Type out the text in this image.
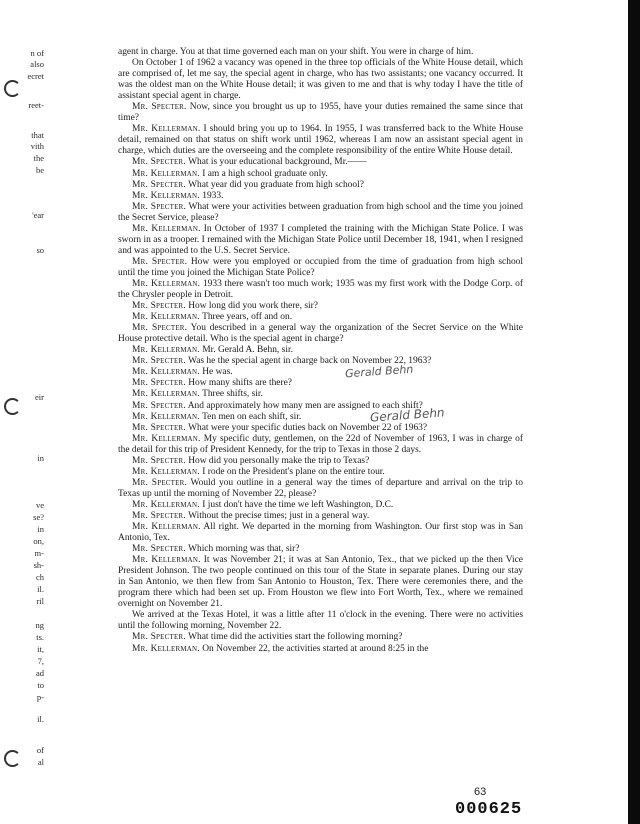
n of
also
ecret
reet-
that
vith
the
be
'ear
so
eir
in
ve
se?
in
on,
m-
sh-
ch
il.
ril
ng
ts.
it,
7,
ad
to
p-
il.
of
al

agent in charge. You at that time governed each man on your shift. You were in charge of him.

On October 1 of 1962 a vacancy was opened in the three top officials of the White House detail, which are comprised of, let me say, the special agent in charge, who has two assistants; one vacancy occurred. It was the oldest man on the White House detail; it was given to me and that is why today I have the title of assistant special agent in charge.

Mr. Specter. Now, since you brought us up to 1955, have your duties remained the same since that time?

Mr. Kellerman. I should bring you up to 1964. In 1955, I was transferred back to the White House detail, remained on that status on shift work until 1962, whereas I am now an assistant special agent in charge, which duties are the overseeing and the complete responsibility of the entire White House detail.

Mr. Specter. What is your educational background, Mr.——

Mr. Kellerman. I am a high school graduate only.

Mr. Specter. What year did you graduate from high school?

Mr. Kellerman. 1933.

Mr. Specter. What were your activities between graduation from high school and the time you joined the Secret Service, please?

Mr. Kellerman. In October of 1937 I completed the training with the Michigan State Police. I was sworn in as a trooper. I remained with the Michigan State Police until December 18, 1941, when I resigned and was appointed to the U.S. Secret Service.

Mr. Specter. How were you employed or occupied from the time of graduation from high school until the time you joined the Michigan State Police?

Mr. Kellerman. 1933 there wasn't too much work; 1935 was my first work with the Dodge Corp. of the Chrysler people in Detroit.

Mr. Specter. How long did you work there, sir?

Mr. Kellerman. Three years, off and on.

Mr. Specter. You described in a general way the organization of the Secret Service on the White House protective detail. Who is the special agent in charge?

Mr. Kellerman. Mr. Gerald A. Behn, sir.

Mr. Specter. Was he the special agent in charge back on November 22, 1963?

Mr. Kellerman. He was.

Mr. Specter. How many shifts are there?

Mr. Kellerman. Three shifts, sir.

Mr. Specter. And approximately how many men are assigned to each shift?

Mr. Kellerman. Ten men on each shift, sir.

Mr. Specter. What were your specific duties back on November 22 of 1963?

Mr. Kellerman. My specific duty, gentlemen, on the 22d of November of 1963, I was in charge of the detail for this trip of President Kennedy, for the trip to Texas in those 2 days.

Mr. Specter. How did you personally make the trip to Texas?

Mr. Kellerman. I rode on the President's plane on the entire tour.

Mr. Specter. Would you outline in a general way the times of departure and arrival on the trip to Texas up until the morning of November 22, please?

Mr. Kellerman. I just don't have the time we left Washington, D.C.

Mr. Specter. Without the precise times; just in a general way.

Mr. Kellerman. All right. We departed in the morning from Washington. Our first stop was in San Antonio, Tex.

Mr. Specter. Which morning was that, sir?

Mr. Kellerman. It was November 21; it was at San Antonio, Tex., that we picked up the then Vice President Johnson. The two people continued on this tour of the State in separate planes. During our stay in San Antonio, we then flew from San Antonio to Houston, Tex. There were ceremonies there, and the program there which had been set up. From Houston we flew into Fort Worth, Tex., where we remained overnight on November 21.

We arrived at the Texas Hotel, it was a little after 11 o'clock in the evening. There were no activities until the following morning, November 22.

Mr. Specter. What time did the activities start the following morning?

Mr. Kellerman. On November 22, the activities started at around 8:25 in the

Gerald Behn
Gerald Behn
63
000625
